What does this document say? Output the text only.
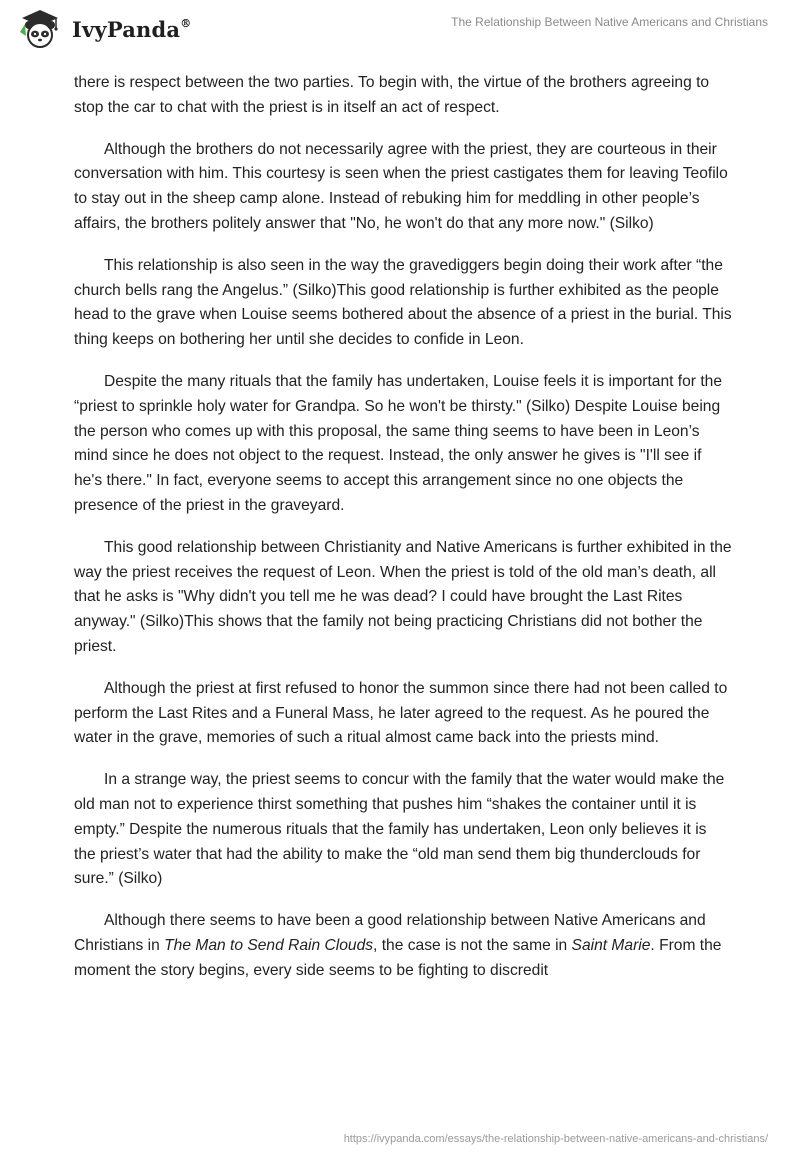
IvyPanda®	The Relationship Between Native Americans and Christians

there is respect between the two parties. To begin with, the virtue of the brothers agreeing to stop the car to chat with the priest is in itself an act of respect.

Although the brothers do not necessarily agree with the priest, they are courteous in their conversation with him. This courtesy is seen when the priest castigates them for leaving Teofilo to stay out in the sheep camp alone. Instead of rebuking him for meddling in other people’s affairs, the brothers politely answer that "No, he won't do that any more now." (Silko)

This relationship is also seen in the way the gravediggers begin doing their work after “the church bells rang the Angelus.” (Silko)This good relationship is further exhibited as the people head to the grave when Louise seems bothered about the absence of a priest in the burial. This thing keeps on bothering her until she decides to confide in Leon.

Despite the many rituals that the family has undertaken, Louise feels it is important for the “priest to sprinkle holy water for Grandpa. So he won't be thirsty." (Silko) Despite Louise being the person who comes up with this proposal, the same thing seems to have been in Leon’s mind since he does not object to the request. Instead, the only answer he gives is "I'll see if he's there." In fact, everyone seems to accept this arrangement since no one objects the presence of the priest in the graveyard.

This good relationship between Christianity and Native Americans is further exhibited in the way the priest receives the request of Leon. When the priest is told of the old man’s death, all that he asks is "Why didn't you tell me he was dead? I could have brought the Last Rites anyway." (Silko)This shows that the family not being practicing Christians did not bother the priest.

Although the priest at first refused to honor the summon since there had not been called to perform the Last Rites and a Funeral Mass, he later agreed to the request. As he poured the water in the grave, memories of such a ritual almost came back into the priests mind.

In a strange way, the priest seems to concur with the family that the water would make the old man not to experience thirst something that pushes him “shakes the container until it is empty.” Despite the numerous rituals that the family has undertaken, Leon only believes it is the priest’s water that had the ability to make the “old man send them big thunderclouds for sure.” (Silko)

Although there seems to have been a good relationship between Native Americans and Christians in The Man to Send Rain Clouds, the case is not the same in Saint Marie. From the moment the story begins, every side seems to be fighting to discredit

https://ivypanda.com/essays/the-relationship-between-native-americans-and-christians/
